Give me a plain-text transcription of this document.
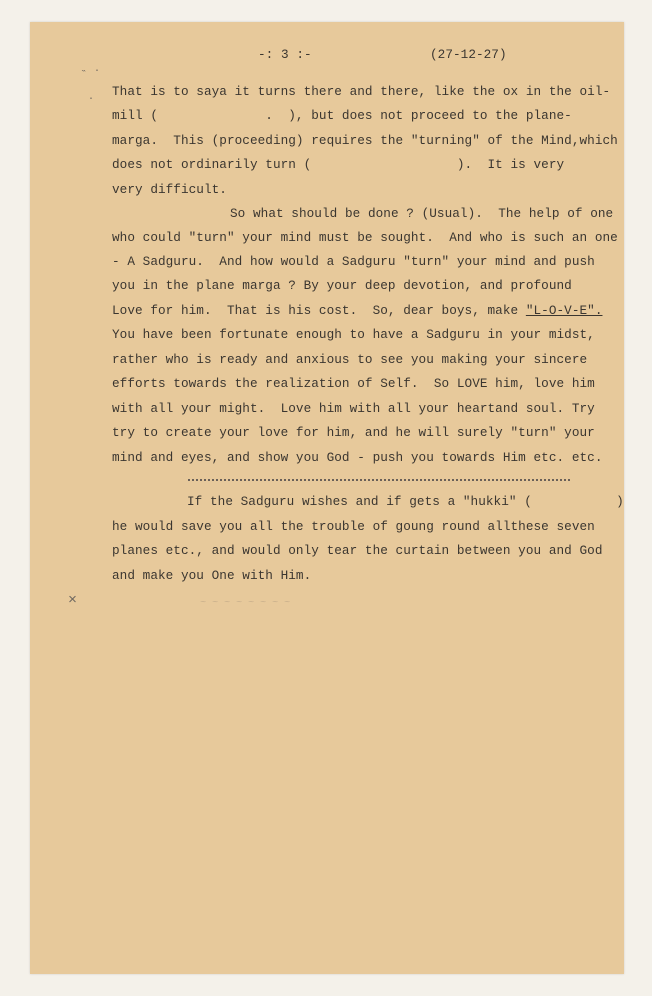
-: 3 :-	(27-12-27)
˵ ·
. That is to saya it turns there and there, like the ox in the oil-
mill (              .  ), but does not proceed to the plane-
marga.  This (proceeding) requires the "turning" of the Mind,which
does not ordinarily turn (                   ).  It is very
very difficult.
So what should be done ? (Usual).  The help of one
who could "turn" your mind must be sought.  And who is such an one
- A Sadguru.  And how would a Sadguru "turn" your mind and push
you in the plane marga ? By your deep devotion, and profound
Love for him.  That is his cost.  So, dear boys, make "L-O-V-E".
You have been fortunate enough to have a Sadguru in your midst,
rather who is ready and anxious to see you making your sincere
efforts towards the realization of Self.  So LOVE him, love him
with all your might.  Love him with all your heartand soul. Try
try to create your love for him, and he will surely "turn" your
mind and eyes, and show you God - push you towards Him etc. etc.
If the Sadguru wishes and if gets a "hukki" (           )
he would save you all the trouble of goung round allthese seven
planes etc., and would only tear the curtain between you and God
and make you One with Him.
×	~ ~ ~ ~ ~ ~ ~ ~
